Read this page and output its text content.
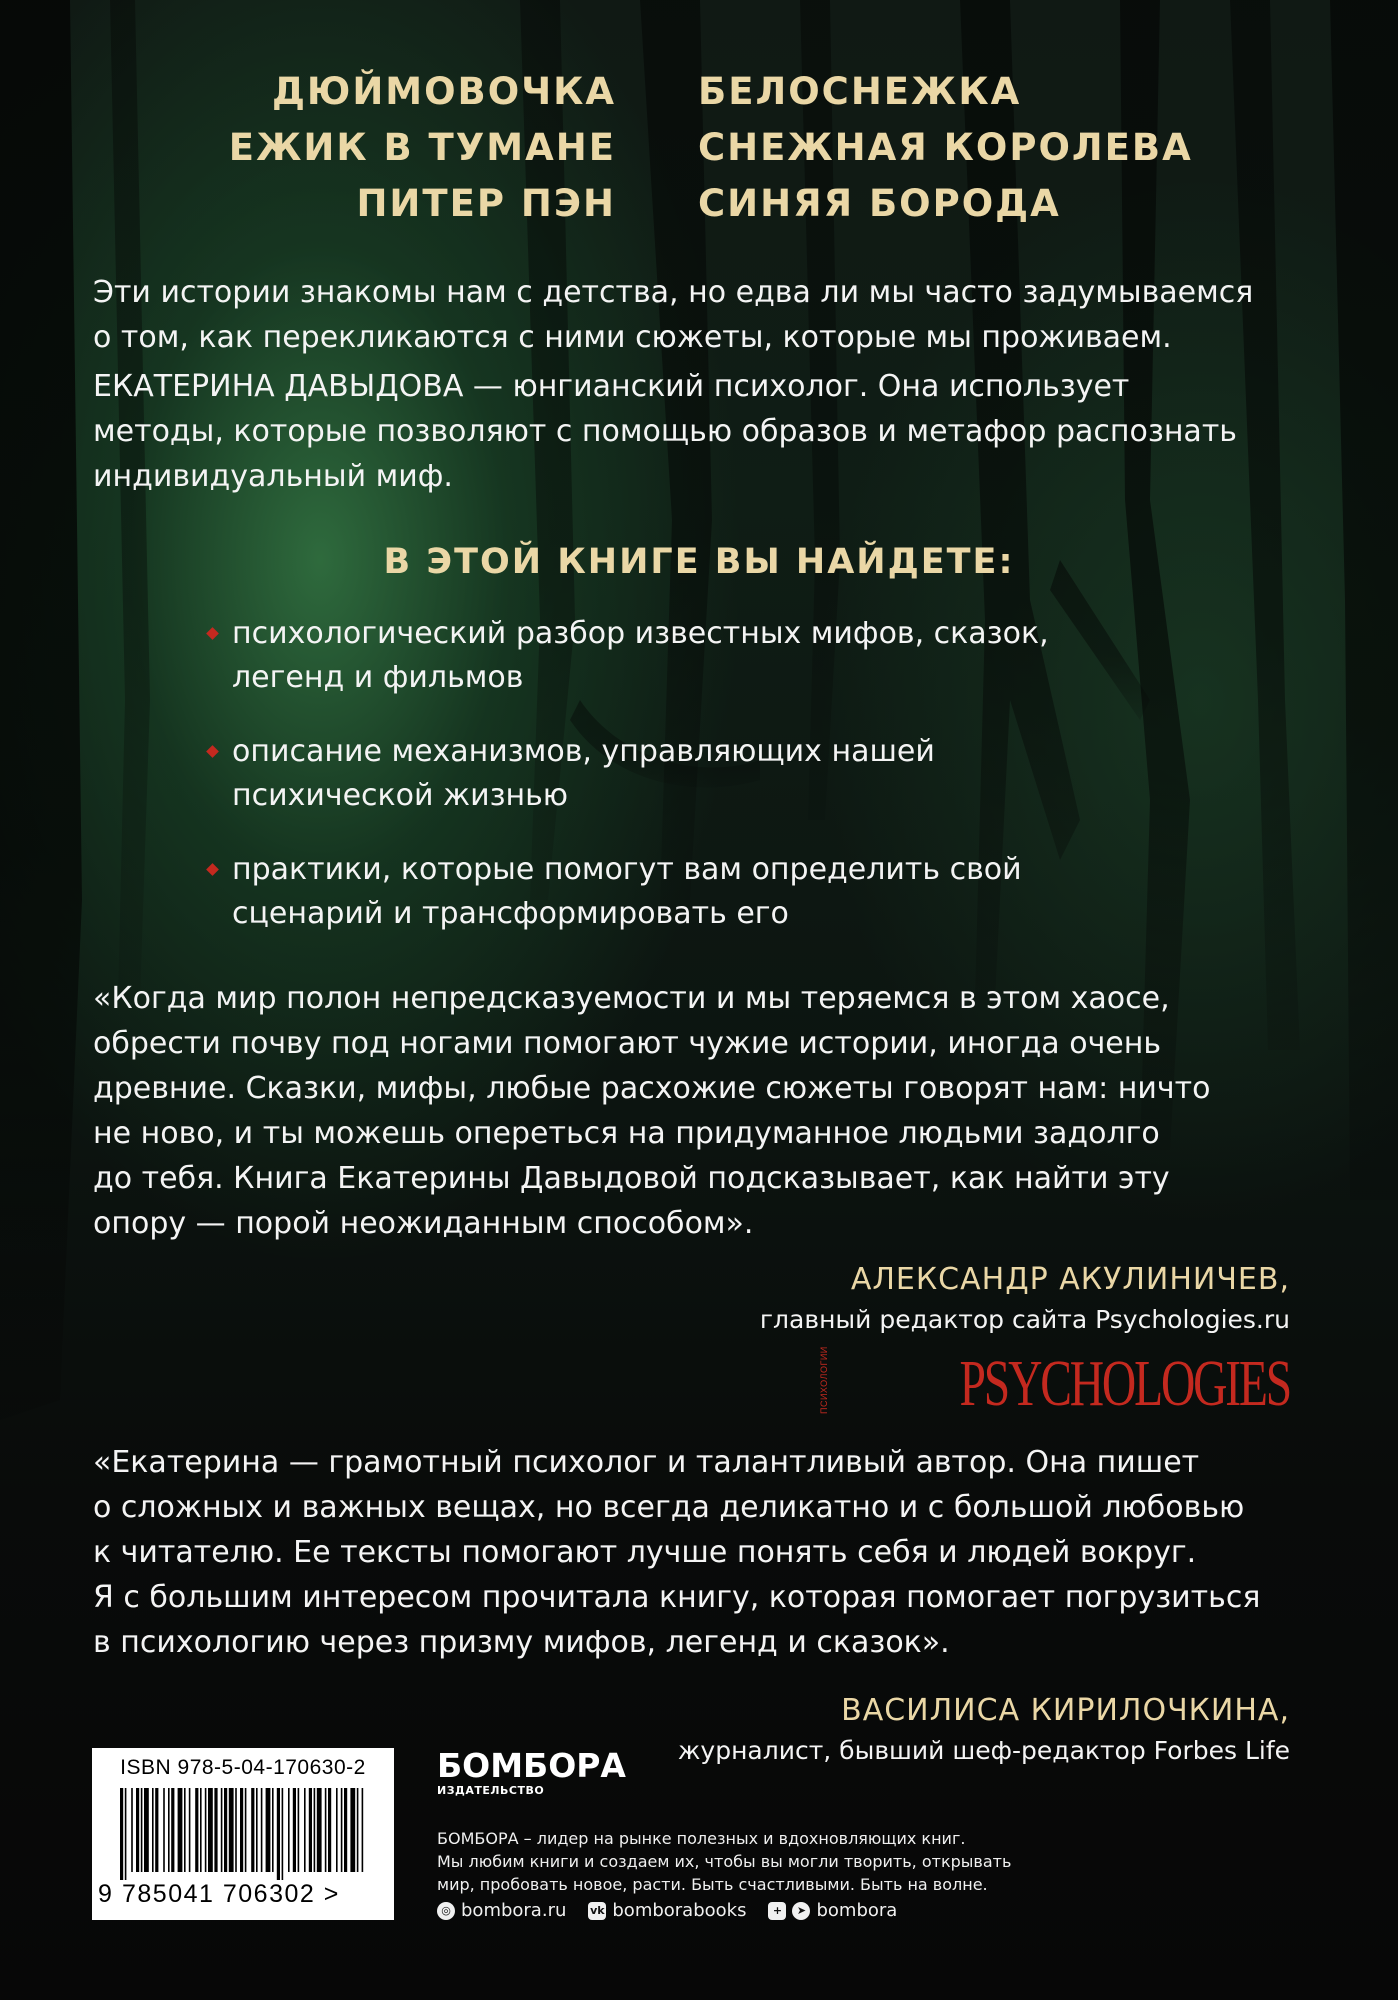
ДЮЙМОВОЧКА БЕЛОСНЕЖКА
ЕЖИК В ТУМАНЕ СНЕЖНАЯ КОРОЛЕВА
ПИТЕР ПЭН СИНЯЯ БОРОДА
Эти истории знакомы нам с детства, но едва ли мы часто задумываемся
о том, как перекликаются с ними сюжеты, которые мы проживаем.
ЕКАТЕРИНА ДАВЫДОВА — юнгианский психолог. Она использует
методы, которые позволяют с помощью образов и метафор распознать
индивидуальный миф.
В ЭТОЙ КНИГЕ ВЫ НАЙДЕТЕ:
психологический разбор известных мифов, сказок,
легенд и фильмов
описание механизмов, управляющих нашей
психической жизнью
практики, которые помогут вам определить свой
сценарий и трансформировать его
«Когда мир полон непредсказуемости и мы теряемся в этом хаосе,
обрести почву под ногами помогают чужие истории, иногда очень
древние. Сказки, мифы, любые расхожие сюжеты говорят нам: ничто
не ново, и ты можешь опереться на придуманное людьми задолго
до тебя. Книга Екатерины Давыдовой подсказывает, как найти эту
опору — порой неожиданным способом».
АЛЕКСАНДР АКУЛИНИЧЕВ,
главный редактор сайта Psychologies.ru
ПСИХОЛОГИИ PSYCHOLOGIES
«Екатерина — грамотный психолог и талантливый автор. Она пишет
о сложных и важных вещах, но всегда деликатно и с большой любовью
к читателю. Ее тексты помогают лучше понять себя и людей вокруг.
Я с большим интересом прочитала книгу, которая помогает погрузиться
в психологию через призму мифов, легенд и сказок».
ВАСИЛИСА КИРИЛОЧКИНА,
журналист, бывший шеф-редактор Forbes Life
ISBN 978-5-04-170630-2
9 785041 706302 >
БОМБОРА
ИЗДАТЕЛЬСТВО
БОМБОРА – лидер на рынке полезных и вдохновляющих книг.
Мы любим книги и создаем их, чтобы вы могли творить, открывать
мир, пробовать новое, расти. Быть счастливыми. Быть на волне.
◎ bombora.ru vk bomborabooks	+	➤ bombora
